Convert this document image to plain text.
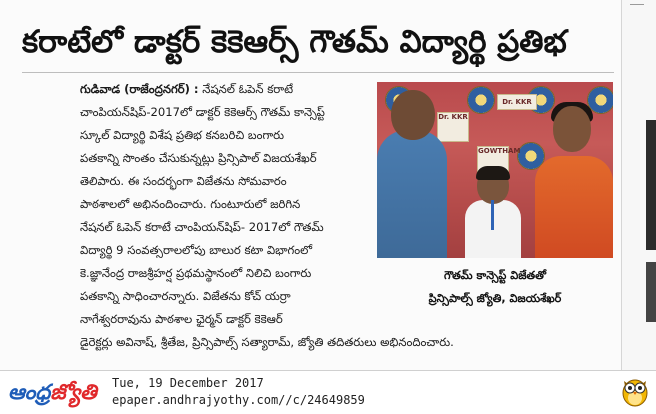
కరాటేలో డాక్టర్ కెకెఆర్స్ గౌతమ్ విద్యార్థి ప్రతిభ
గుడివాడ (రాజేంద్రనగర్) : నేషనల్ ఓపెన్ కరాటే
చాంపియన్‌షిప్-2017లో డాక్టర్ కెకెఆర్స్ గౌతమ్ కాన్సెప్ట్
స్కూల్ విద్యార్థి విశేష ప్రతిభ కనబరిచి బంగారు
పతకాన్ని సొంతం చేసుకున్నట్లు ప్రిన్సిపాల్ విజయశేఖర్
తెలిపారు. ఈ సందర్భంగా విజేతను సోమవారం
పాఠశాలలో అభినందించారు. గుంటూరులో జరిగిన
నేషనల్ ఓపెన్ కరాటే చాంపియన్‌షిప్- 2017లో గౌతమ్
విద్యార్థి 9 సంవత్సరాలలోపు బాలుర కటా విభాగంలో
కె.జ్ఞానేంద్ర రాజశ్రీహర్ష ప్రథమస్థానంలో నిలిచి బంగారు
పతకాన్ని సాధించారన్నారు. విజేతను కోచ్ యర్రా
నాగేశ్వరరావును పాఠశాల ఛైర్మన్ డాక్టర్ కెకెఆర్
డైరెక్టర్లు అవినాష్, శ్రీతేజ, ప్రిన్సిపాల్స్ సత్యారామ్, జ్యోతి తదితరులు అభినందించారు.
Dr. KKR
Dr. KKR
GOWTHAM
గౌతమ్ కాన్సెప్ట్ విజేతతో
ప్రిన్సిపాల్స్ జ్యోతి, విజయశేఖర్
ఆంధ్రజ్యోతి Tue, 19 December 2017
epaper.andhrajyothy.com//c/24649859
